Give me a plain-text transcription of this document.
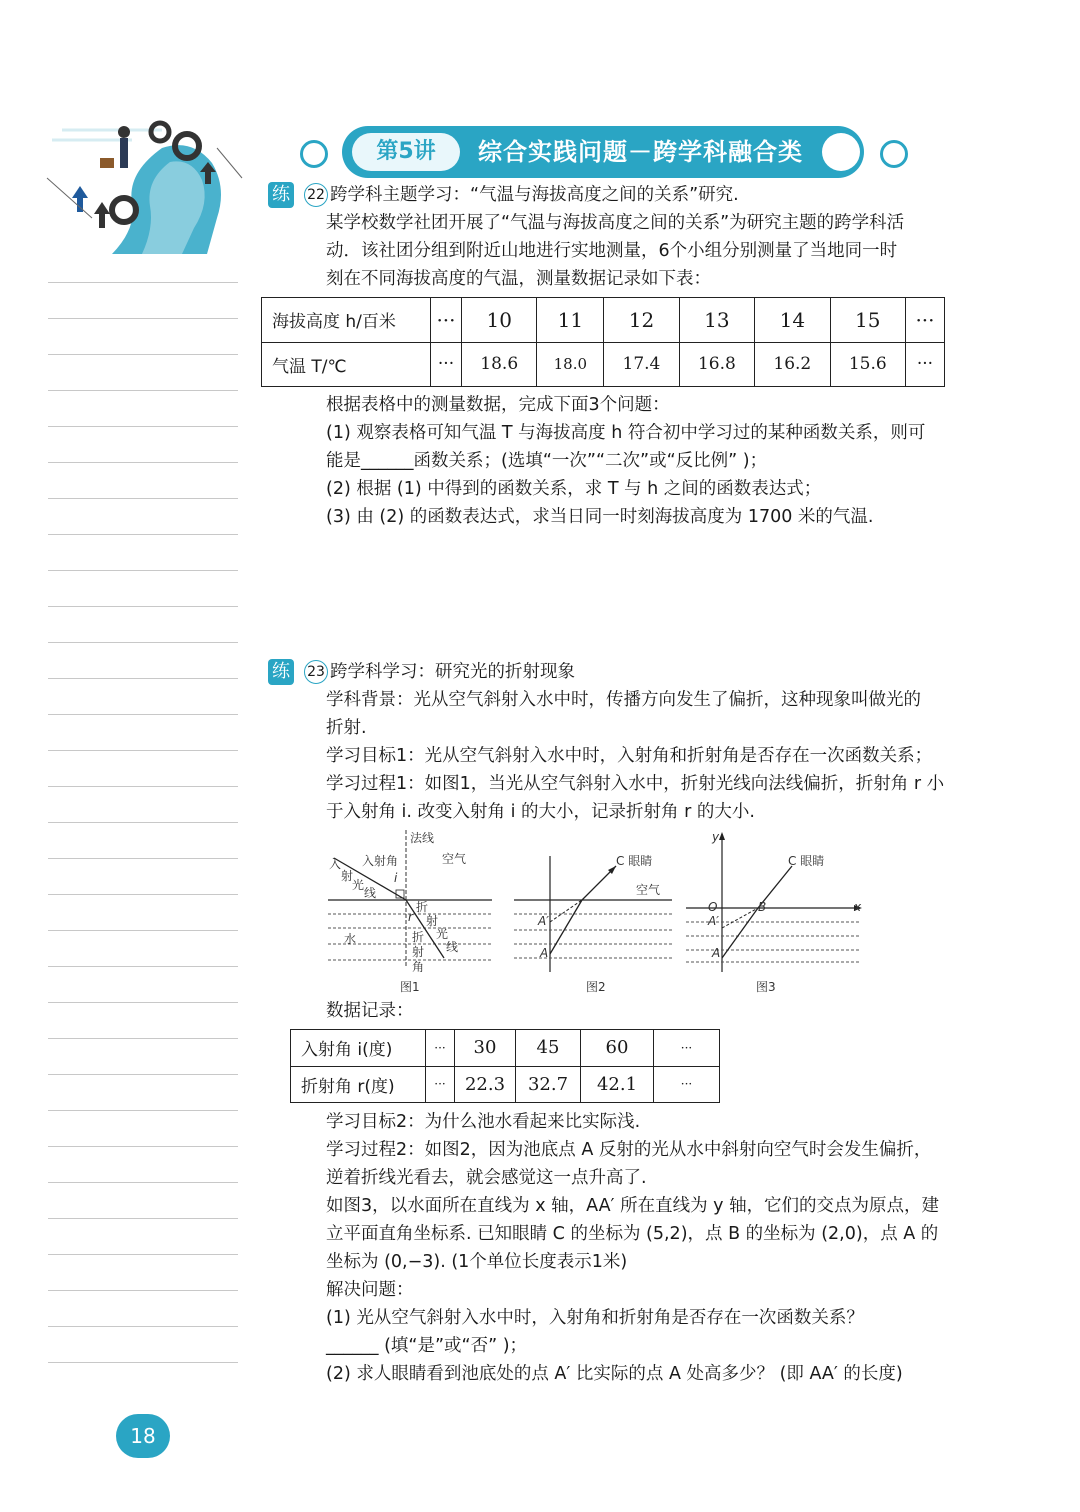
第5讲	综合实践问题－跨学科融合类
练 22 跨学科主题学习：“气温与海拔高度之间的关系”研究.
某学校数学社团开展了“气温与海拔高度之间的关系”为研究主题的跨学科活
动．该社团分组到附近山地进行实地测量，6个小组分别测量了当地同一时
刻在不同海拔高度的气温，测量数据记录如下表：
海拔高度 h/百米	···	10	11	12	13	14	15	···
气温 T/℃	···	18.6	18.0	17.4	16.8	16.2	15.6	···
根据表格中的测量数据，完成下面3个问题：
(1) 观察表格可知气温 T 与海拔高度 h 符合初中学习过的某种函数关系，则可
能是______函数关系；(选填“一次”“二次”或“反比例” )；
(2) 根据 (1) 中得到的函数关系，求 T 与 h 之间的函数表达式；
(3) 由 (2) 的函数表达式，求当日同一时刻海拔高度为 1700 米的气温.
练 23 跨学科学习：研究光的折射现象
学科背景：光从空气斜射入水中时，传播方向发生了偏折，这种现象叫做光的
折射.
学习目标1：光从空气斜射入水中时，入射角和折射角是否存在一次函数关系；
学习过程1：如图1，当光从空气斜射入水中，折射光线向法线偏折，折射角 r 小
于入射角 i. 改变入射角 i 的大小，记录折射角 r 的大小.
法线
入射角	空气
i
入
射
光
线
r
折
射
光
线
水	折
射
角
图1
C 眼睛
空气
A′
A
图2
y
C 眼睛
x
O	B
A′
A
图3
数据记录：
入射角 i(度)	···	30	45	60	···
折射角 r(度)	···	22.3	32.7	42.1	···
学习目标2：为什么池水看起来比实际浅.
学习过程2：如图2，因为池底点 A 反射的光从水中斜射向空气时会发生偏折，
逆着折线光看去，就会感觉这一点升高了.
如图3，以水面所在直线为 x 轴，AA′ 所在直线为 y 轴，它们的交点为原点，建
立平面直角坐标系. 已知眼睛 C 的坐标为 (5,2)，点 B 的坐标为 (2,0)，点 A 的
坐标为 (0,−3). (1个单位长度表示1米)
解决问题：
(1) 光从空气斜射入水中时，入射角和折射角是否存在一次函数关系？
______ (填“是”或“否” )；
(2) 求人眼睛看到池底处的点 A′ 比实际的点 A 处高多少？ (即 AA′ 的长度)
18
